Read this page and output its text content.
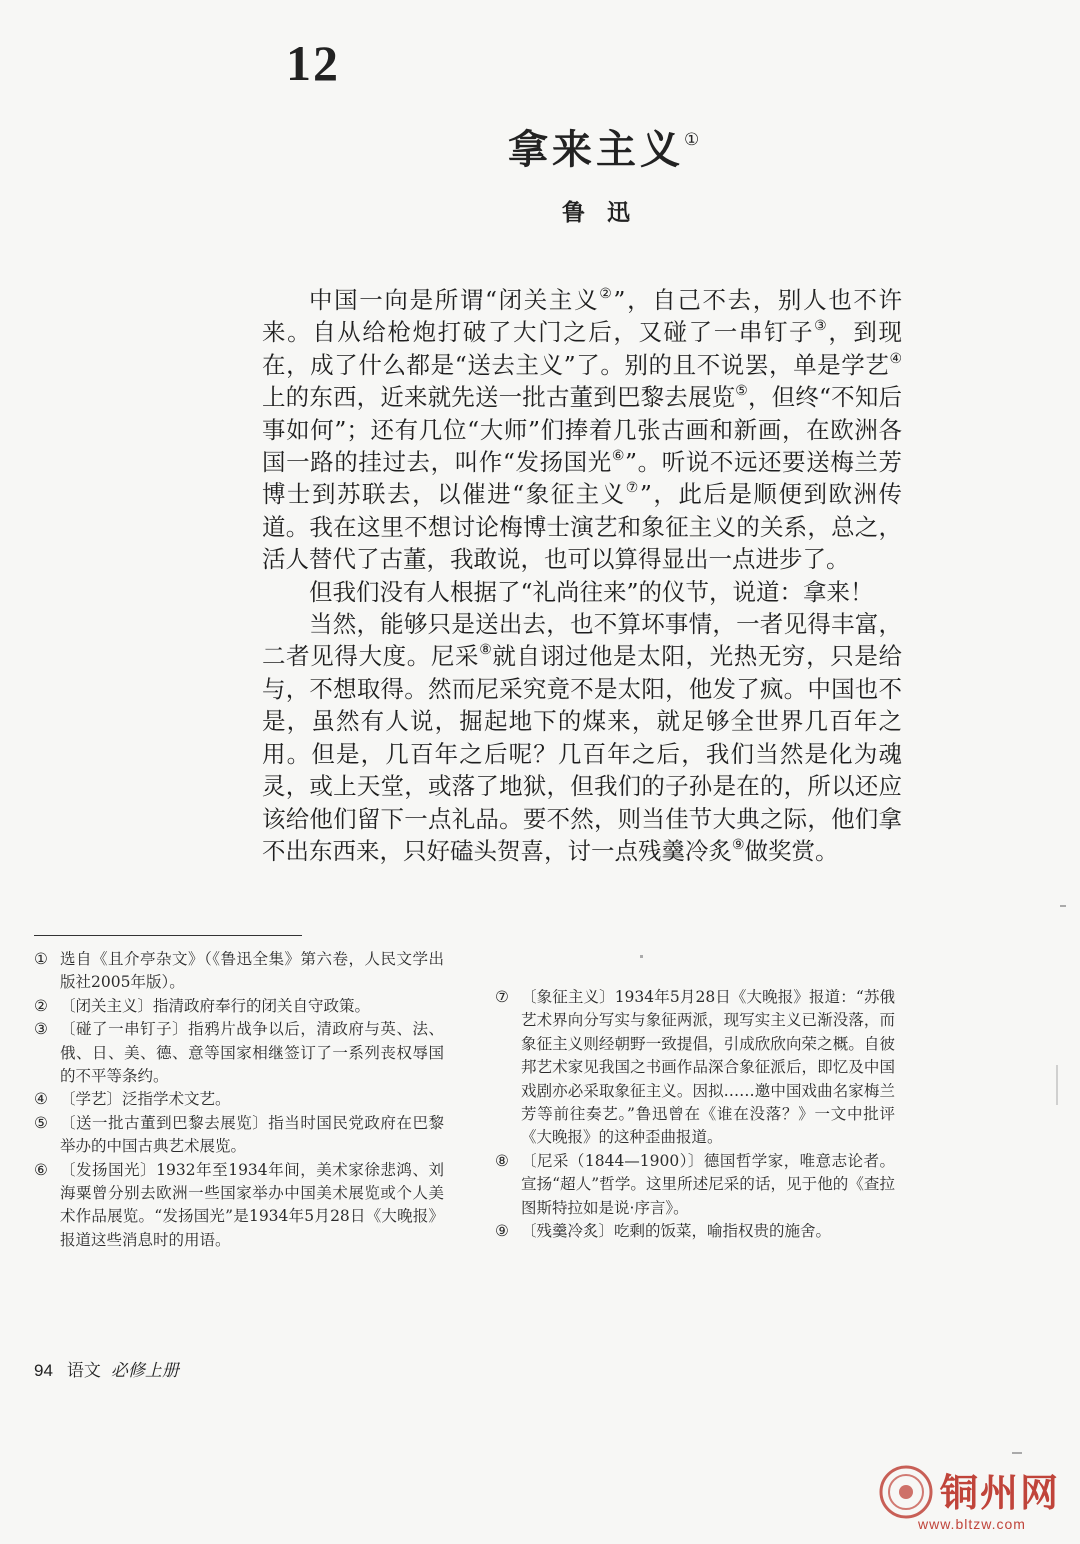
12
拿来主义①
鲁迅

中国一向是所谓“闭关主义②”，自己不去，别人也不许来。自从给枪炮打破了大门之后，又碰了一串钉子③，到现在，成了什么都是“送去主义”了。别的且不说罢，单是学艺④上的东西，近来就先送一批古董到巴黎去展览⑤，但终“不知后事如何”；还有几位“大师”们捧着几张古画和新画，在欧洲各国一路的挂过去，叫作“发扬国光⑥”。听说不远还要送梅兰芳博士到苏联去，以催进“象征主义⑦”，此后是顺便到欧洲传道。我在这里不想讨论梅博士演艺和象征主义的关系，总之，活人替代了古董，我敢说，也可以算得显出一点进步了。

但我们没有人根据了“礼尚往来”的仪节，说道：拿来！

当然，能够只是送出去，也不算坏事情，一者见得丰富，二者见得大度。尼采⑧就自诩过他是太阳，光热无穷，只是给与，不想取得。然而尼采究竟不是太阳，他发了疯。中国也不是，虽然有人说，掘起地下的煤来，就足够全世界几百年之用。但是，几百年之后呢？几百年之后，我们当然是化为魂灵，或上天堂，或落了地狱，但我们的子孙是在的，所以还应该给他们留下一点礼品。要不然，则当佳节大典之际，他们拿不出东西来，只好磕头贺喜，讨一点残羹冷炙⑨做奖赏。

① 选自《且介亭杂文》（《鲁迅全集》第六卷，人民文学出版社2005年版）。
② 〔闭关主义〕指清政府奉行的闭关自守政策。
③ 〔碰了一串钉子〕指鸦片战争以后，清政府与英、法、俄、日、美、德、意等国家相继签订了一系列丧权辱国的不平等条约。
④ 〔学艺〕泛指学术文艺。
⑤ 〔送一批古董到巴黎去展览〕指当时国民党政府在巴黎举办的中国古典艺术展览。
⑥ 〔发扬国光〕1932年至1934年间，美术家徐悲鸿、刘海粟曾分别去欧洲一些国家举办中国美术展览或个人美术作品展览。“发扬国光”是1934年5月28日《大晚报》报道这些消息时的用语。
⑦ 〔象征主义〕1934年5月28日《大晚报》报道：“苏俄艺术界向分写实与象征两派，现写实主义已渐没落，而象征主义则经朝野一致提倡，引成欣欣向荣之概。自彼邦艺术家见我国之书画作品深合象征派后，即忆及中国戏剧亦必采取象征主义。因拟……邀中国戏曲名家梅兰芳等前往奏艺。”鲁迅曾在《谁在没落？》一文中批评《大晚报》的这种歪曲报道。
⑧ 〔尼采（1844—1900）〕德国哲学家，唯意志论者。宣扬“超人”哲学。这里所述尼采的话，见于他的《查拉图斯特拉如是说·序言》。
⑨ 〔残羹冷炙〕吃剩的饭菜，喻指权贵的施舍。
94 语文 必修上册
铜州网
www.bltzw.com
